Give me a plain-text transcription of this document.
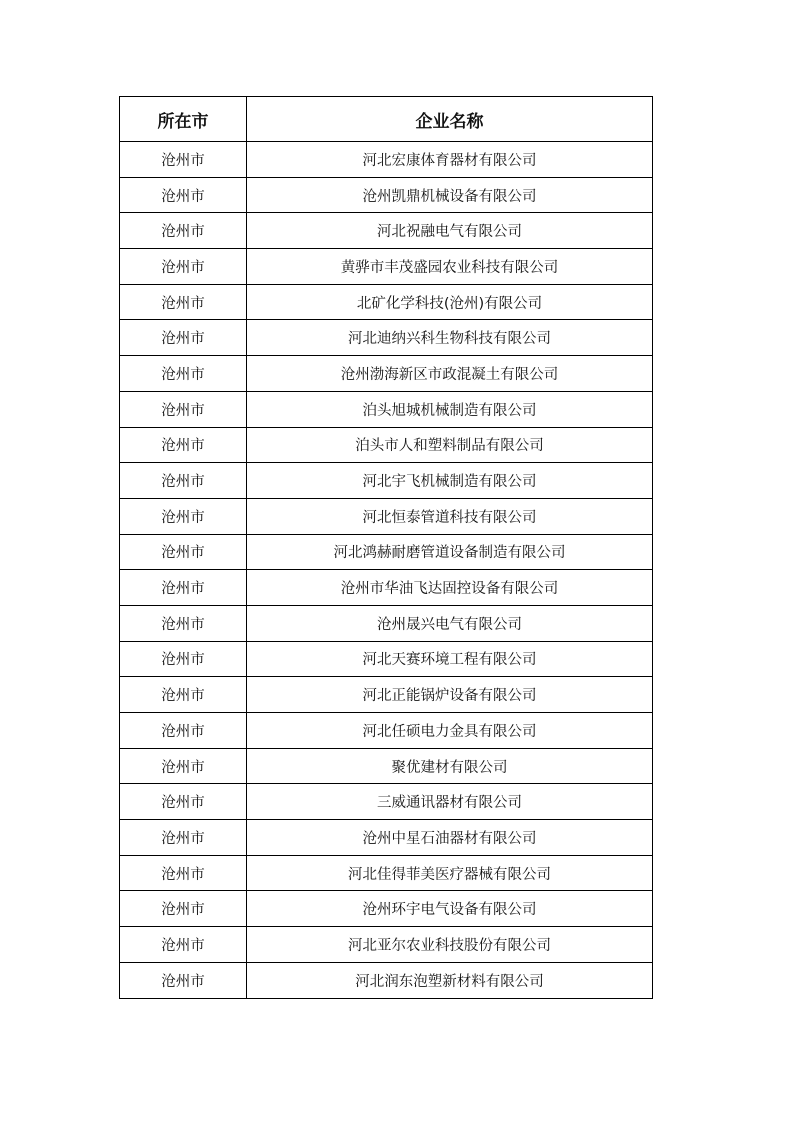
所在市	企业名称
沧州市	河北宏康体育器材有限公司
沧州市	沧州凯鼎机械设备有限公司
沧州市	河北祝融电气有限公司
沧州市	黄骅市丰茂盛园农业科技有限公司
沧州市	北矿化学科技(沧州)有限公司
沧州市	河北迪纳兴科生物科技有限公司
沧州市	沧州渤海新区市政混凝土有限公司
沧州市	泊头旭城机械制造有限公司
沧州市	泊头市人和塑料制品有限公司
沧州市	河北宇飞机械制造有限公司
沧州市	河北恒泰管道科技有限公司
沧州市	河北鸿赫耐磨管道设备制造有限公司
沧州市	沧州市华油飞达固控设备有限公司
沧州市	沧州晟兴电气有限公司
沧州市	河北天赛环境工程有限公司
沧州市	河北正能锅炉设备有限公司
沧州市	河北任硕电力金具有限公司
沧州市	聚优建材有限公司
沧州市	三威通讯器材有限公司
沧州市	沧州中星石油器材有限公司
沧州市	河北佳得菲美医疗器械有限公司
沧州市	沧州环宇电气设备有限公司
沧州市	河北亚尔农业科技股份有限公司
沧州市	河北润东泡塑新材料有限公司
